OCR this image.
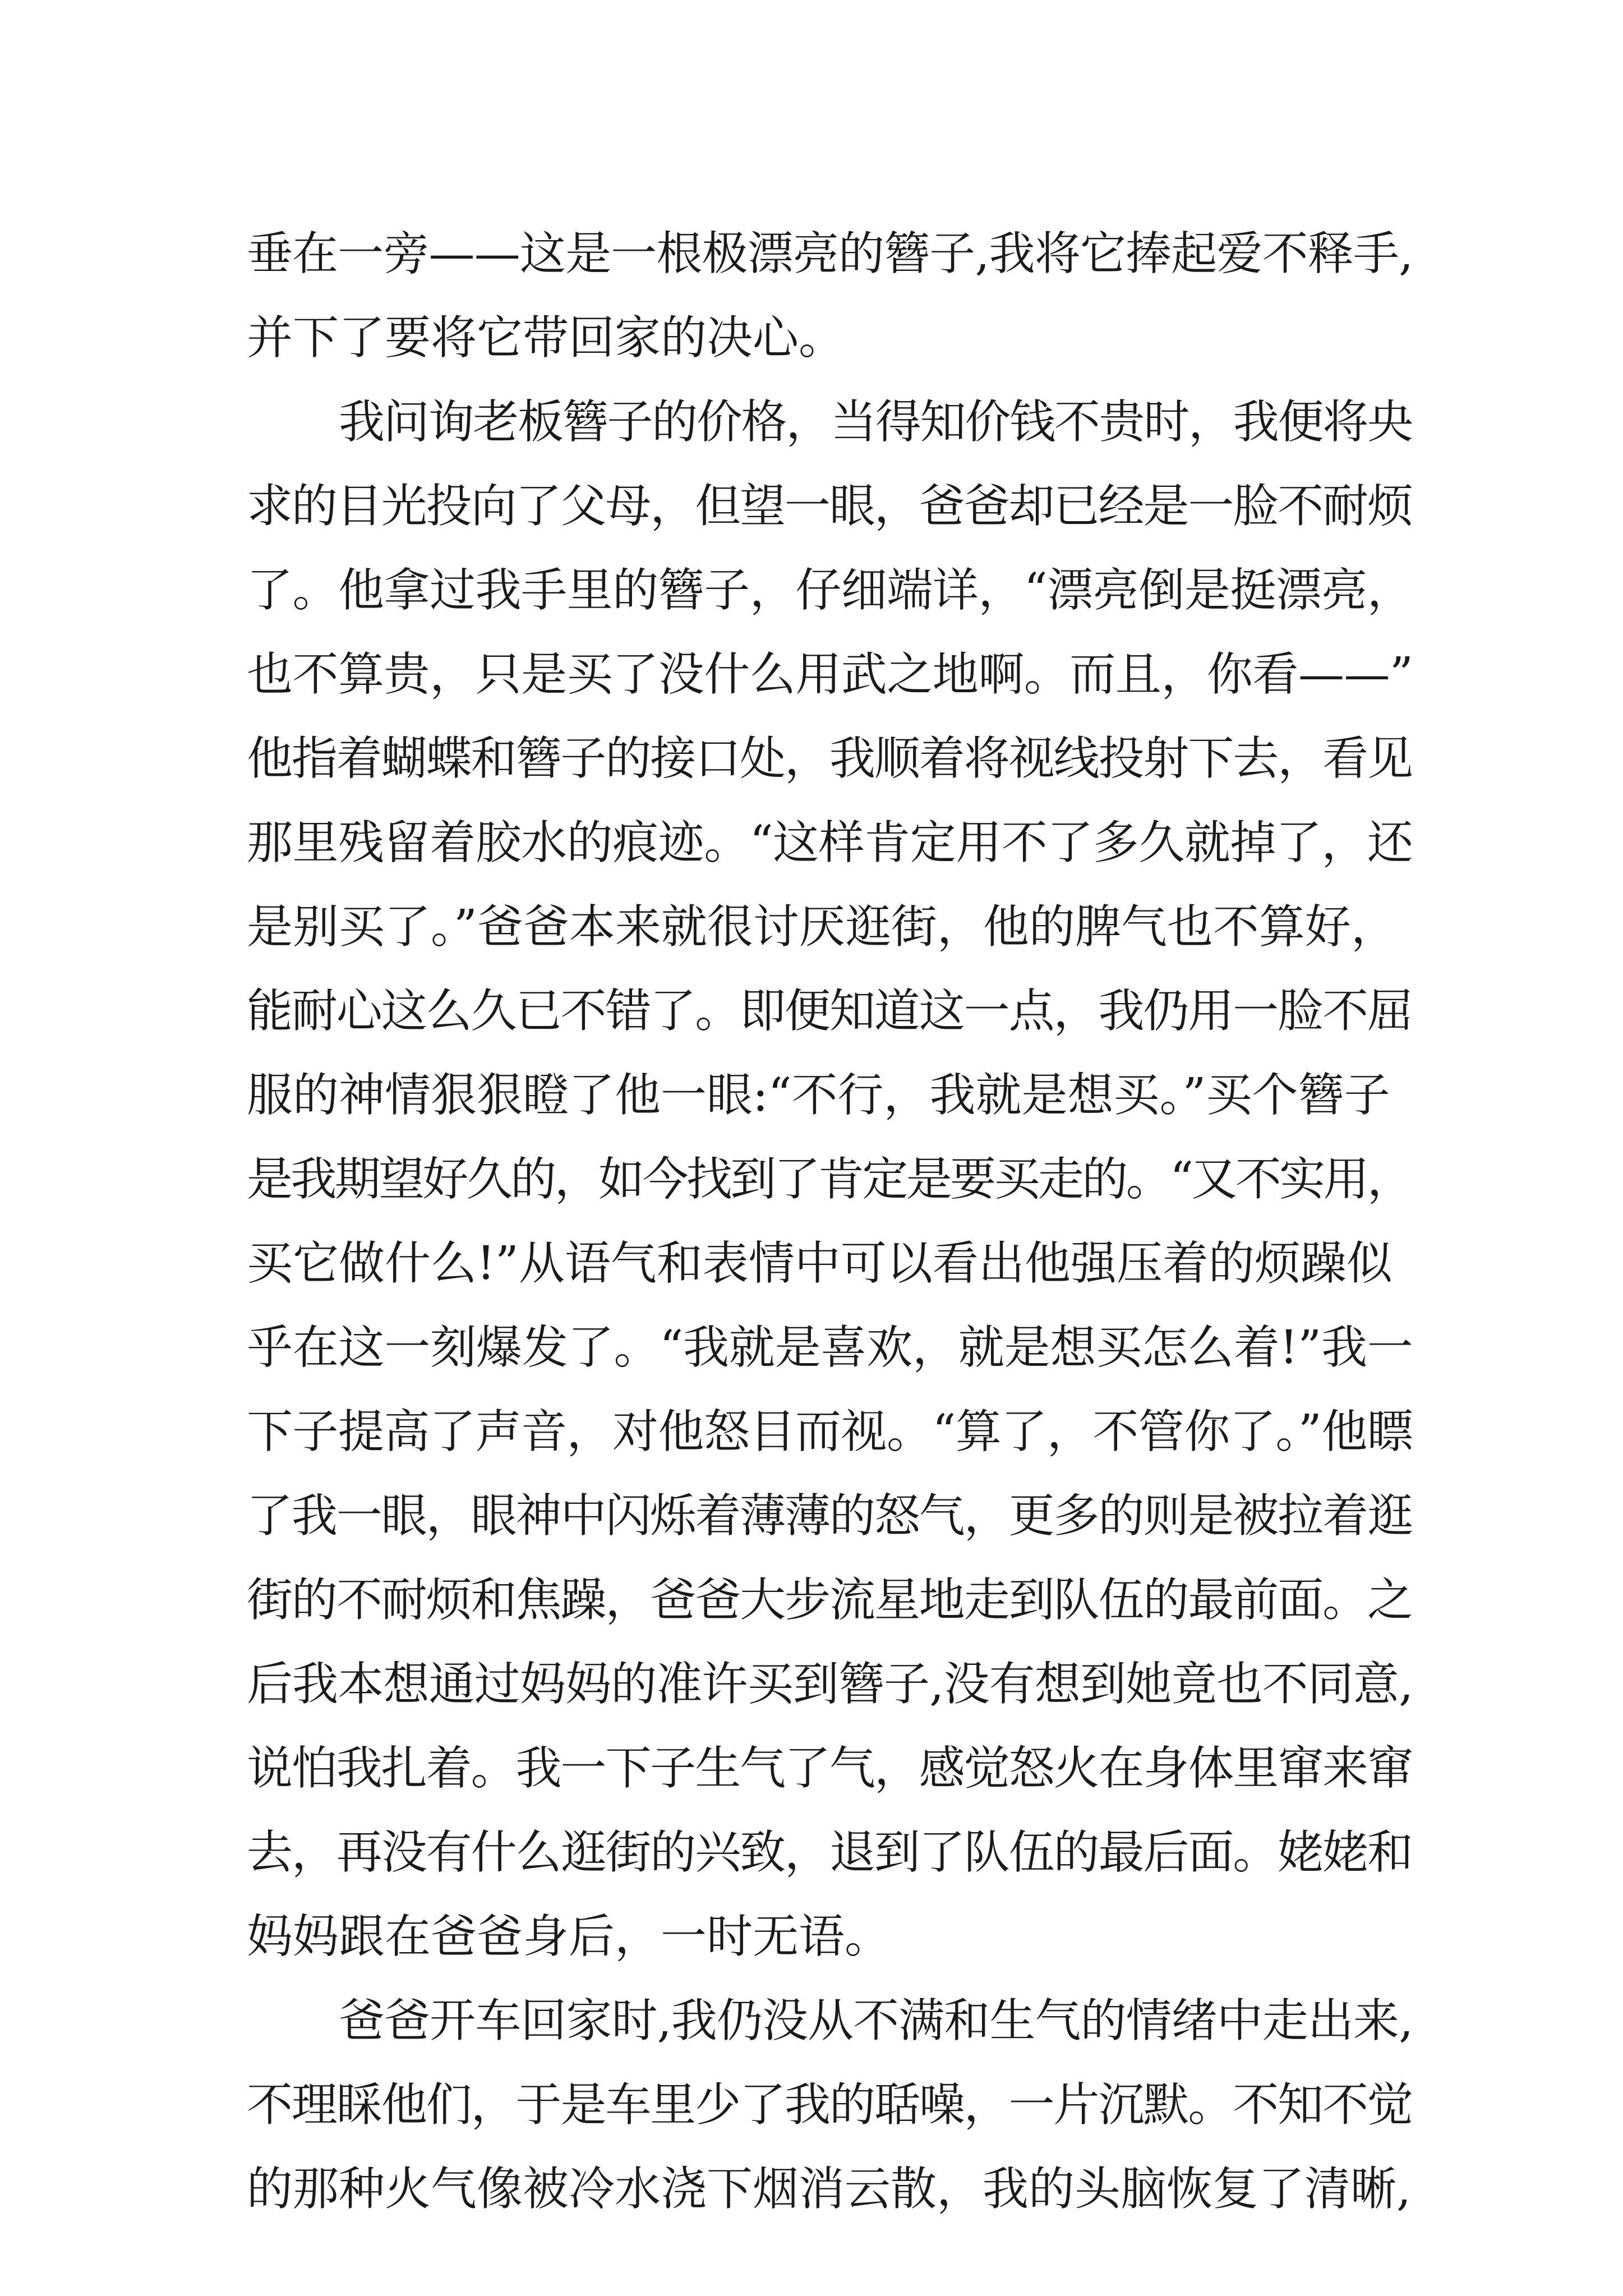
垂在一旁——这是一根极漂亮的簪子,我将它捧起爱不释手,
并下了要将它带回家的决心。
我问询老板簪子的价格，当得知价钱不贵时，我便将央
求的目光投向了父母，但望一眼，爸爸却已经是一脸不耐烦
了。他拿过我手里的簪子，仔细端详，“漂亮倒是挺漂亮，
也不算贵，只是买了没什么用武之地啊。而且，你看——”
他指着蝴蝶和簪子的接口处，我顺着将视线投射下去，看见
那里残留着胶水的痕迹。“这样肯定用不了多久就掉了，还
是别买了。”爸爸本来就很讨厌逛街，他的脾气也不算好，
能耐心这么久已不错了。即便知道这一点，我仍用一脸不屈
服的神情狠狠瞪了他一眼:“不行，我就是想买。”买个簪子
是我期望好久的，如今找到了肯定是要买走的。“又不实用，
买它做什么!”从语气和表情中可以看出他强压着的烦躁似
乎在这一刻爆发了。“我就是喜欢，就是想买怎么着!”我一
下子提高了声音，对他怒目而视。“算了，不管你了。”他瞟
了我一眼，眼神中闪烁着薄薄的怒气，更多的则是被拉着逛
街的不耐烦和焦躁，爸爸大步流星地走到队伍的最前面。之
后我本想通过妈妈的准许买到簪子,没有想到她竟也不同意,
说怕我扎着。我一下子生气了气，感觉怒火在身体里窜来窜
去，再没有什么逛街的兴致，退到了队伍的最后面。姥姥和
妈妈跟在爸爸身后，一时无语。
爸爸开车回家时,我仍没从不满和生气的情绪中走出来,
不理睬他们，于是车里少了我的聒噪，一片沉默。不知不觉
的那种火气像被冷水浇下烟消云散，我的头脑恢复了清晰,
